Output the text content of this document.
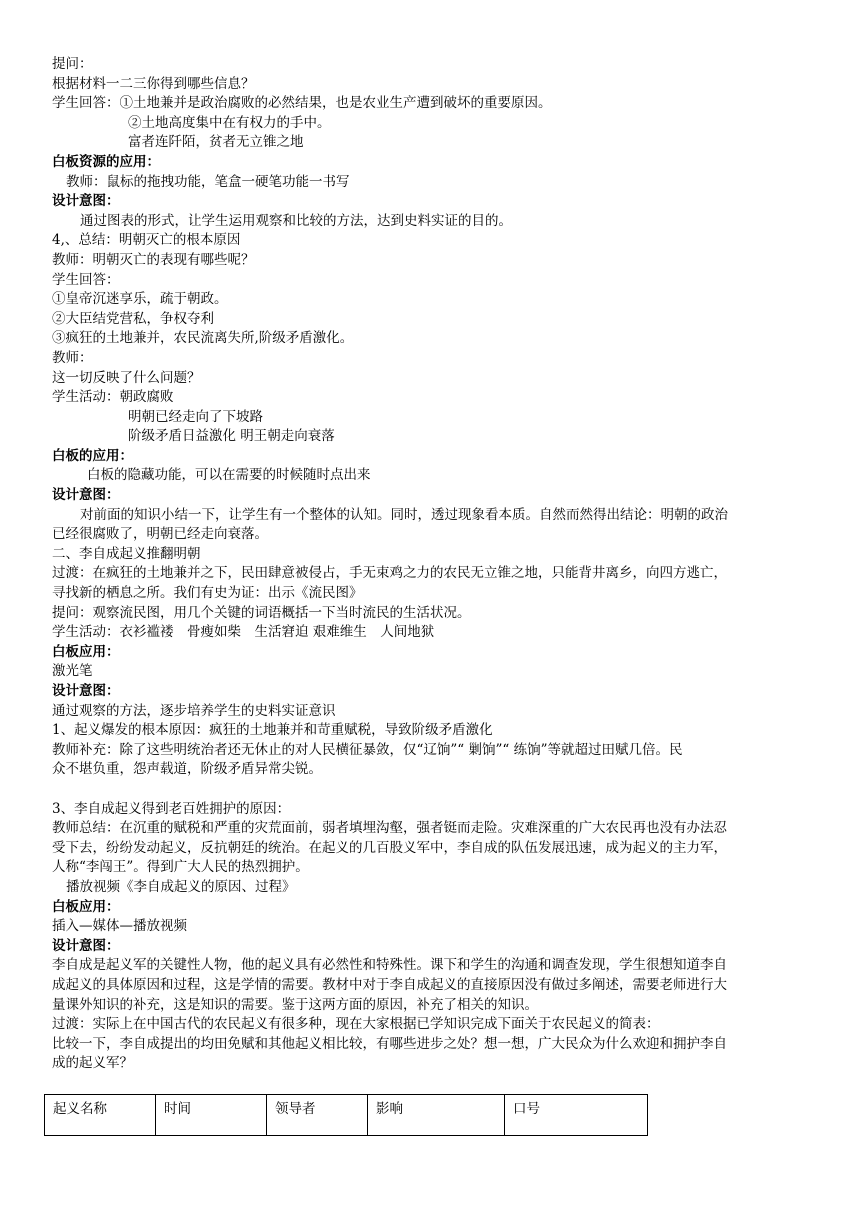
提问：
根据材料一二三你得到哪些信息？
学生回答：①土地兼并是政治腐败的必然结果，也是农业生产遭到破坏的重要原因。
②土地高度集中在有权力的手中。
富者连阡陌，贫者无立锥之地
白板资源的应用：
教师：鼠标的拖拽功能，笔盒一硬笔功能一书写
设计意图：
通过图表的形式，让学生运用观察和比较的方法，达到史料实证的目的。
4,、总结：明朝灭亡的根本原因
教师：明朝灭亡的表现有哪些呢？
学生回答：
①皇帝沉迷享乐，疏于朝政。
②大臣结党营私，争权夺利
③疯狂的土地兼并，农民流离失所,阶级矛盾激化。
教师：
这一切反映了什么问题？
学生活动：朝政腐败
明朝已经走向了下坡路
阶级矛盾日益激化 明王朝走向衰落
白板的应用：
白板的隐藏功能，可以在需要的时候随时点出来
设计意图：
对前面的知识小结一下，让学生有一个整体的认知。同时，透过现象看本质。自然而然得出结论：明朝的政治
已经很腐败了，明朝已经走向衰落。
二、李自成起义推翻明朝
过渡：在疯狂的土地兼并之下，民田肆意被侵占，手无束鸡之力的农民无立锥之地，只能背井离乡，向四方逃亡，
寻找新的栖息之所。我们有史为证：出示《流民图》
提问：观察流民图，用几个关键的词语概括一下当时流民的生活状况。
学生活动：衣衫褴褛　骨瘦如柴　生活窘迫 艰难维生　人间地狱
白板应用：
激光笔
设计意图：
通过观察的方法，逐步培养学生的史料实证意识
1、起义爆发的根本原因：疯狂的土地兼并和苛重赋税，导致阶级矛盾激化
教师补充：除了这些明统治者还无休止的对人民横征暴敛，仅“辽饷”“ 剿饷”“ 练饷”等就超过田赋几倍。民
众不堪负重，怨声载道，阶级矛盾异常尖锐。
3、李自成起义得到老百姓拥护的原因：
教师总结：在沉重的赋税和严重的灾荒面前，弱者填埋沟壑，强者铤而走险。灾难深重的广大农民再也没有办法忍
受下去，纷纷发动起义，反抗朝廷的统治。在起义的几百股义军中，李自成的队伍发展迅速，成为起义的主力军，
人称“李闯王”。得到广大人民的热烈拥护。
播放视频《李自成起义的原因、过程》
白板应用：
插入—媒体—播放视频
设计意图：
李自成是起义军的关键性人物，他的起义具有必然性和特殊性。课下和学生的沟通和调查发现，学生很想知道李自
成起义的具体原因和过程，这是学情的需要。教材中对于李自成起义的直接原因没有做过多阐述，需要老师进行大
量课外知识的补充，这是知识的需要。鉴于这两方面的原因，补充了相关的知识。
过渡：实际上在中国古代的农民起义有很多种，现在大家根据已学知识完成下面关于农民起义的简表：
比较一下，李自成提出的均田免赋和其他起义相比较，有哪些进步之处？想一想，广大民众为什么欢迎和拥护李自
成的起义军？
起义名称	时间	领导者	影响	口号
